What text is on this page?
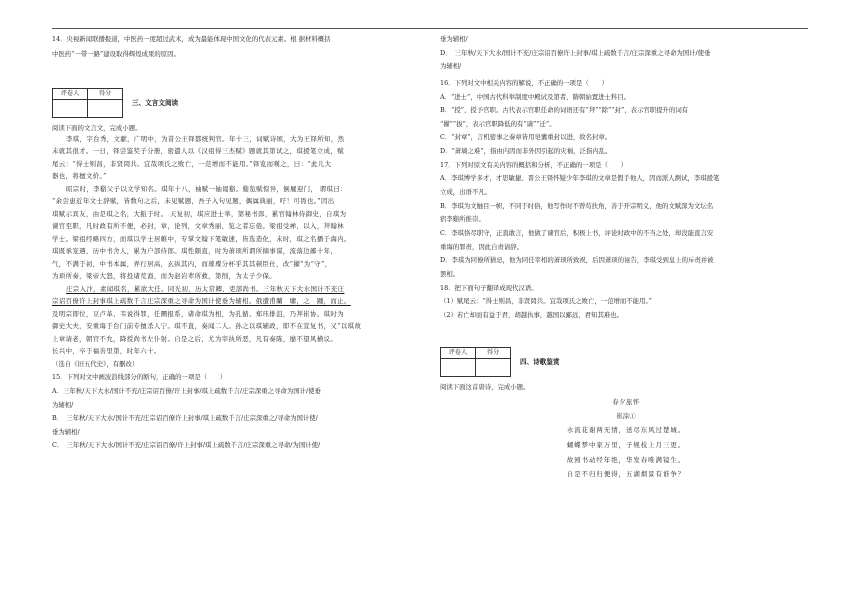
14．央视新闻联播报道，中医药一度超过武术，成为最能体现中国文化的代表元素。根 据材料概括

中医药“一带一路”建设取得辉煌成果的原因。

评卷人	得分

三、文言文阅读

阅读下面的文言文，完成小题。

李琪，字台秀，文献，广明中，为昔公王铎都统判官。年十三，词赋诗颂，大为王铎所知，然

未就其很才。一日，铎尝鉴奖子分册，密遣人以《汉祖得三杰赋》题就其第试之，琪援笔立成，赋

尾云：“得士则昌，非贤罔共。宜哉项氏之败亡，一范增而不能用。”铎览而嘆之，曰：“此儿大

器也，将擅文价。”

昭宗时，李谿父子以文学知名。琪年十八，袖赋一轴谒谿。谿览赋惊异，倒屣迎门， 谓琪曰：

“余尝患近年文士辞赋，皆数句之后，未见赋题，吾子入句见题，偶属典丽，吁！可畏也。”因出

琪赋示宾友，由是琪之名，大振于时。 天复初，琪应进士举，第秘书郎，累官翰林侍御史，自琪为

谏官至职，凡时政有所不便，必封，章，论列，文章秀丽，览之者忘倦。梁祖受禅，以入，拜翰林

学士。梁祖经略四方，而琪以学士居帷中，专掌文翰下笔敏速，皆选造化，未时，琪之名播于海内。

琪既承宠遇，历中书舍人，累为户部侍郎。琪性颇直，时为萧顼所谓所摘事谋，流落边鄙十年，

气，不满于初，中书本属，弄行居高，玄纵其内，而璀璨分杯乎其其顿臣仕，改“擢”为“守”，

为顼所奏，梁帝大怒，将投诸荒裔，而为赵岩辈所救，第削，为太子少保。

庄宗入汴，素闻琪名，累欲大任。同光初，历太常卿、吏部尚书。三年秋天下大水国计不充庄

宗诏百僚许上封事琪上疏数千言庄宗深重之寻命为国计使垂为辅相。俄遭甫蘭　墉，之　踵，而止。

及明宗即位，豆卢革、韦说得罪，任圜报系，诸命琪为相，为孔循、郑珏排沮，乃拜崔协。琪时为

御史大夫，安重诲于台门前专擅杀人宁。琪不直，奏闻二人。孙之以琪辅政，即不在宣复书，又“以琪故

上章请老，朝官不允，降授尚书左仆射。自是之后，尤为宰执所恶，凡有奏陈，靡不望风横议。

长兴中，卒于福善里第，时年六十。

（选自《旧五代史》，有删改）

15．下列对文中画波浪线部分的断句，正确的一项是（　　）

A．三年秋/天下大水/国计不充/庄宗诏百僚/许上封事/琪上疏数千言/庄宗深重之寻命为国计/使垂

为辅相/

B．　三年秋/天下大水/国计不充/庄宗诏百僚许上封事/琪上疏数千言/庄宗深重之/寻命为国计使/

垂为辅相/

C．　三年秋/天下大水/国计不充/庄宗诏百僚/许上封事/琪上疏数千言/庄宗深重之寻命/为国计使/

垂为辅相/

D．　三年秋/天下大水/国计不充/庄宗诏百僚许上封事/琪上疏数千言/庄宗深重之寻命为国计/使垂

为辅相/

16．下列对文中相关内容的解说，不正确的一项是（　　）

A．“进士”，中国古代科举制度中殿试及第者，隋朝始置进士科目。

B．“授”，授予官职。古代表示官职任命的词语还有“拜”“除”“封”，表示官职提升的词有

“擢”“拔”，表示官职降低的有“谪”“迁”。

C．“封章”，言机密事之奏章皆用皂囊重封以进，故名封章。

D．“萧墙之难”，指由内因而非外因引起的灾祸，泛指内乱。

17．下列对原文有关内容的概括和分析，不正确的一项是（　　）

A．李琪博学多才，才思敏捷。晋公王铎怀疑少年李琪的文章是假手他人，因而派人测试，李琪援笔

立成，出语不凡。

B．李琪为文触目一帜，不同于时俗，他写作时不曾苟扶角，善于开宗明义，他的文赋深为文坛名

宿李谿所推崇。

C．李琪恪尽职守，正直敢言，他做了谏官后，积极上书，评论时政中的不当之处，却没能直言安

重诲的罪责，因此自责请辞。

D．李琪为同僚所猜忌，他为同任宰相的萧顼所致祝，后因萧顼的诬告，李琪受到皇上的斥责并被

罢相。

18．把下面句子翻译成现代汉语。

（1）赋尾云：“得士则昌，非贤罔共。宜哉项氏之败亡，一范增而不能用。”

（2）若亡却而有益于君，胡越执事，越国以鄙远，君知其难也。

评卷人	得分

四、诗歌鉴赏

阅读下面这首唐诗，完成小题。

春夕旅怀

崔涂①

水流花谢两无情，送尽东风过楚城。

蝴蝶梦中家万里，子规枝上月三更。

故园书动经年绝，华发春唯满镜生。

自是不归归便得，五湖烟景有谁争？
